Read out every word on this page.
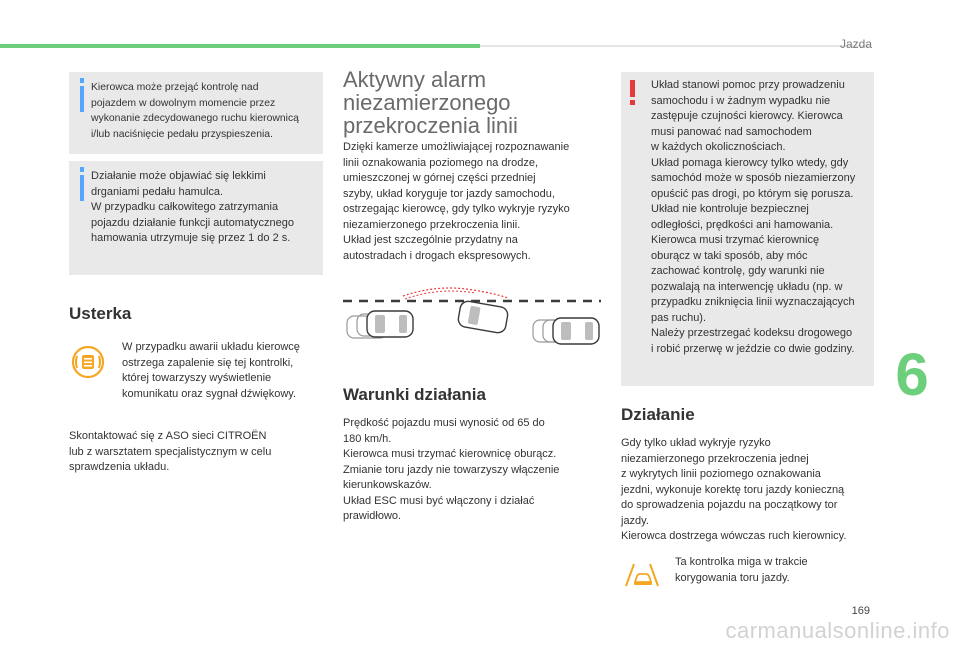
Jazda
6
Kierowca może przejąć kontrolę nad
pojazdem w dowolnym momencie przez
wykonanie zdecydowanego ruchu kierownicą
i/lub naciśnięcie pedału przyspieszenia.
Działanie może objawiać się lekkimi
drganiami pedału hamulca.
W przypadku całkowitego zatrzymania
pojazdu działanie funkcji automatycznego
hamowania utrzymuje się przez 1 do 2 s.
Usterka
W przypadku awarii układu kierowcę
ostrzega zapalenie się tej kontrolki,
której towarzyszy wyświetlenie
komunikatu oraz sygnał dźwiękowy.
Skontaktować się z ASO sieci CITROËN
lub z warsztatem specjalistycznym w celu
sprawdzenia układu.
Aktywny alarm
niezamierzonego
przekroczenia linii
Dzięki kamerze umożliwiającej rozpoznawanie
linii oznakowania poziomego na drodze,
umieszczonej w górnej części przedniej
szyby, układ koryguje tor jazdy samochodu,
ostrzegając kierowcę, gdy tylko wykryje ryzyko
niezamierzonego przekroczenia linii.
Układ jest szczególnie przydatny na
autostradach i drogach ekspresowych.
Warunki działania
Prędkość pojazdu musi wynosić od 65 do
180 km/h.
Kierowca musi trzymać kierownicę oburącz.
Zmianie toru jazdy nie towarzyszy włączenie
kierunkowskazów.
Układ ESC musi być włączony i działać
prawidłowo.
Układ stanowi pomoc przy prowadzeniu
samochodu i w żadnym wypadku nie
zastępuje czujności kierowcy. Kierowca
musi panować nad samochodem
w każdych okolicznościach.
Układ pomaga kierowcy tylko wtedy, gdy
samochód może w sposób niezamierzony
opuścić pas drogi, po którym się porusza.
Układ nie kontroluje bezpiecznej
odległości, prędkości ani hamowania.
Kierowca musi trzymać kierownicę
oburącz w taki sposób, aby móc
zachować kontrolę, gdy warunki nie
pozwalają na interwencję układu (np. w
przypadku zniknięcia linii wyznaczających
pas ruchu).
Należy przestrzegać kodeksu drogowego
i robić przerwę w jeździe co dwie godziny.
Działanie
Gdy tylko układ wykryje ryzyko
niezamierzonego przekroczenia jednej
z wykrytych linii poziomego oznakowania
jezdni, wykonuje korektę toru jazdy konieczną
do sprowadzenia pojazdu na początkowy tor
jazdy.
Kierowca dostrzega wówczas ruch kierownicy.
Ta kontrolka miga w trakcie
korygowania toru jazdy.
169
carmanualsonline.info
